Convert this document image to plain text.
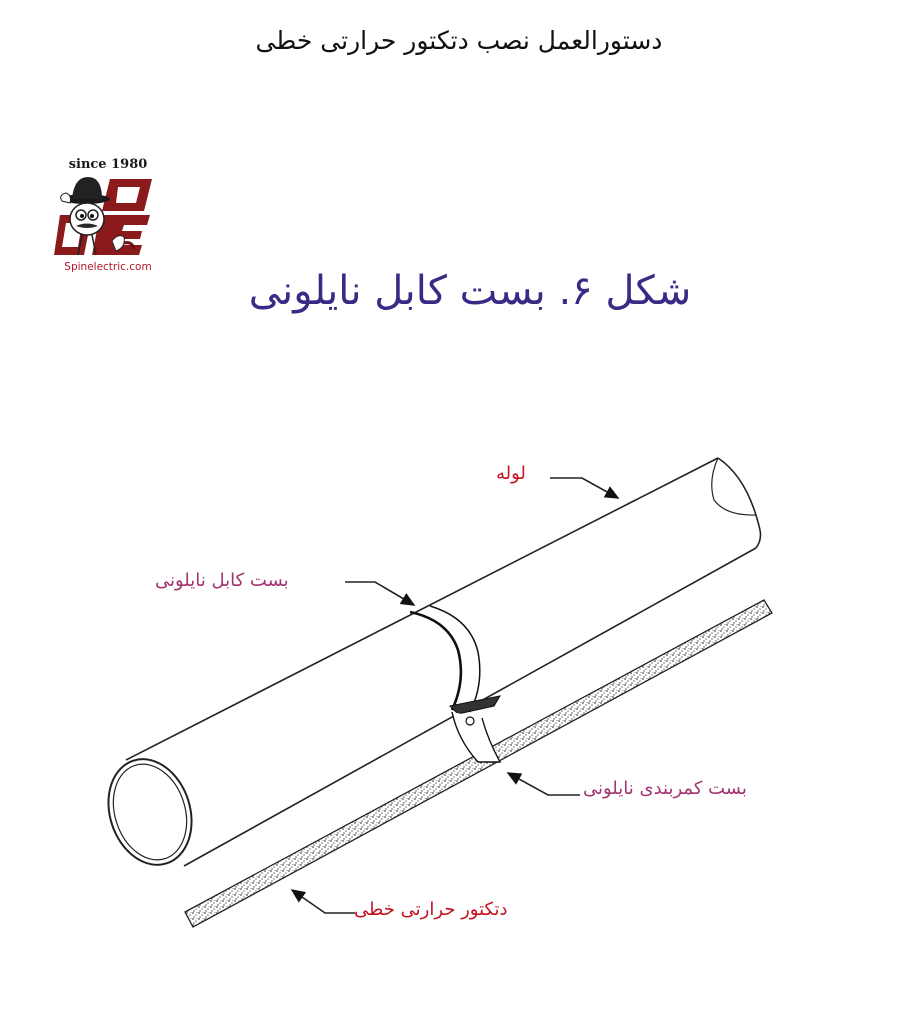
دستورالعمل نصب دتکتور حرارتی خطی
since 1980
Spinelectric.com
شکل ۶. بست کابل نایلونی
لوله
بست کابل نایلونی
بست کمربندی نایلونی
دتکتور حرارتی خطی
